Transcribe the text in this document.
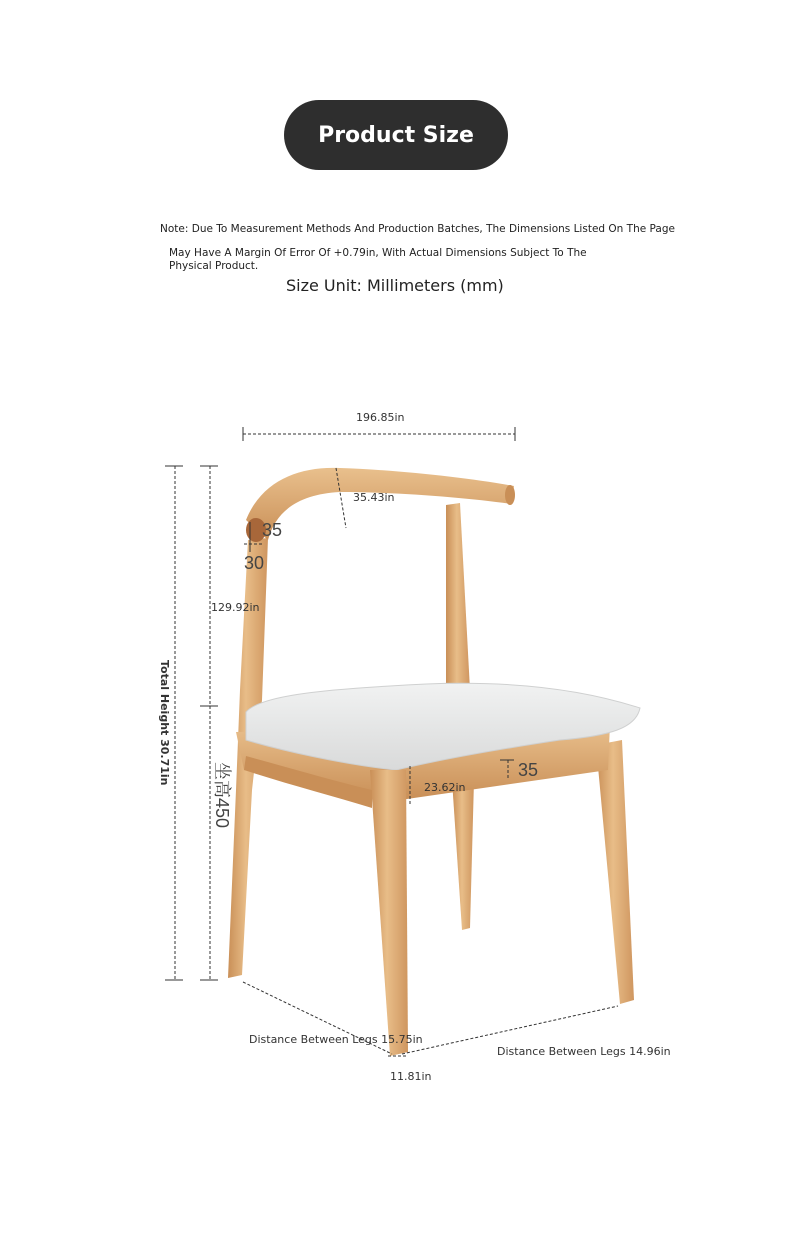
Product Size
Note: Due To Measurement Methods And Production Batches, The Dimensions Listed On The Page
May Have A Margin Of Error Of +0.79in, With Actual Dimensions Subject To The
Physical Product.
Size Unit: Millimeters (mm)
196.85in
35.43in
35
30
129.92in
Total Height 30.71in
坐高450	23.62in
35
Distance Between Legs 15.75in
Distance Between Legs 14.96in
11.81in
